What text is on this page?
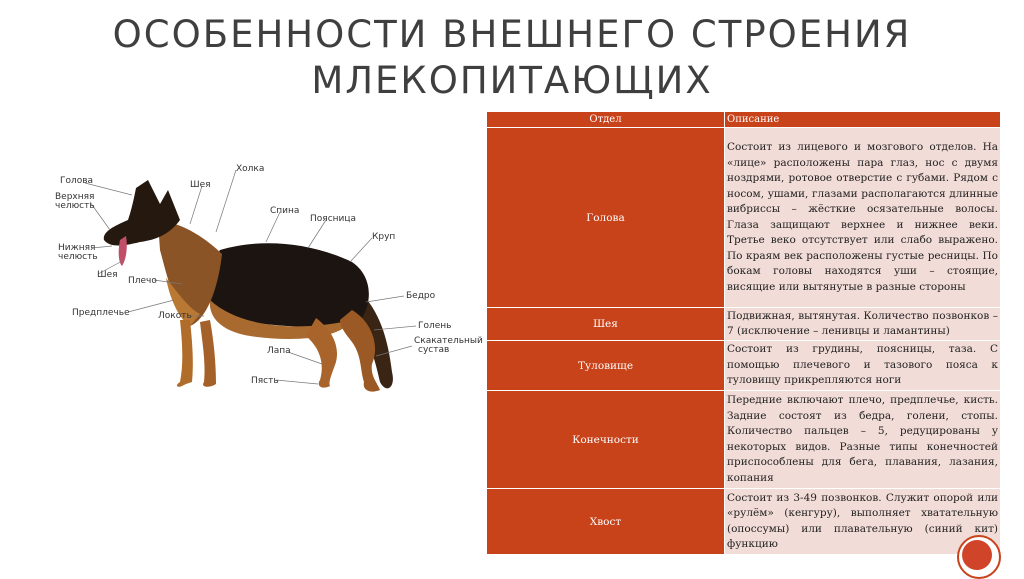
ОСОБЕННОСТИ ВНЕШНЕГО СТРОЕНИЯ
МЛЕКОПИТАЮЩИХ
Голова
Верхняя
челюсть
Нижняя
челюсть
Шея
Шея
Холка
Спина
Поясница
Круп
Плечо
Предплечье	Локоть
Бедро
Голень
Скакательный
сустав
Лапа
Пясть
Отдел	Описание
Голова	Состоит из лицевого и мозгового отделов. На «лице» расположены пара глаз, нос с двумя ноздрями, ротовое отверстие с губами. Рядом с носом, ушами, глазами располагаются длинные вибриссы – жёсткие осязательные волосы. Глаза защищают верхнее и нижнее веки. Третье веко отсутствует или слабо выражено. По краям век расположены густые ресницы. По бокам головы находятся уши – стоящие, висящие или вытянутые в разные стороны
Шея	Подвижная, вытянутая. Количество позвонков – 7 (исключение – ленивцы и ламантины)
Туловище	Состоит из грудины, поясницы, таза. С помощью плечевого и тазового пояса к туловищу прикрепляются ноги
Конечности	Передние включают плечо, предплечье, кисть. Задние состоят из бедра, голени, стопы. Количество пальцев – 5, редуцированы у некоторых видов. Разные типы конечностей приспособлены для бега, плавания, лазания, копания
Хвост	Состоит из 3-49 позвонков. Служит опорой или «рулём» (кенгуру), выполняет хватательную (опоссумы) или плавательную (синий кит) функцию
